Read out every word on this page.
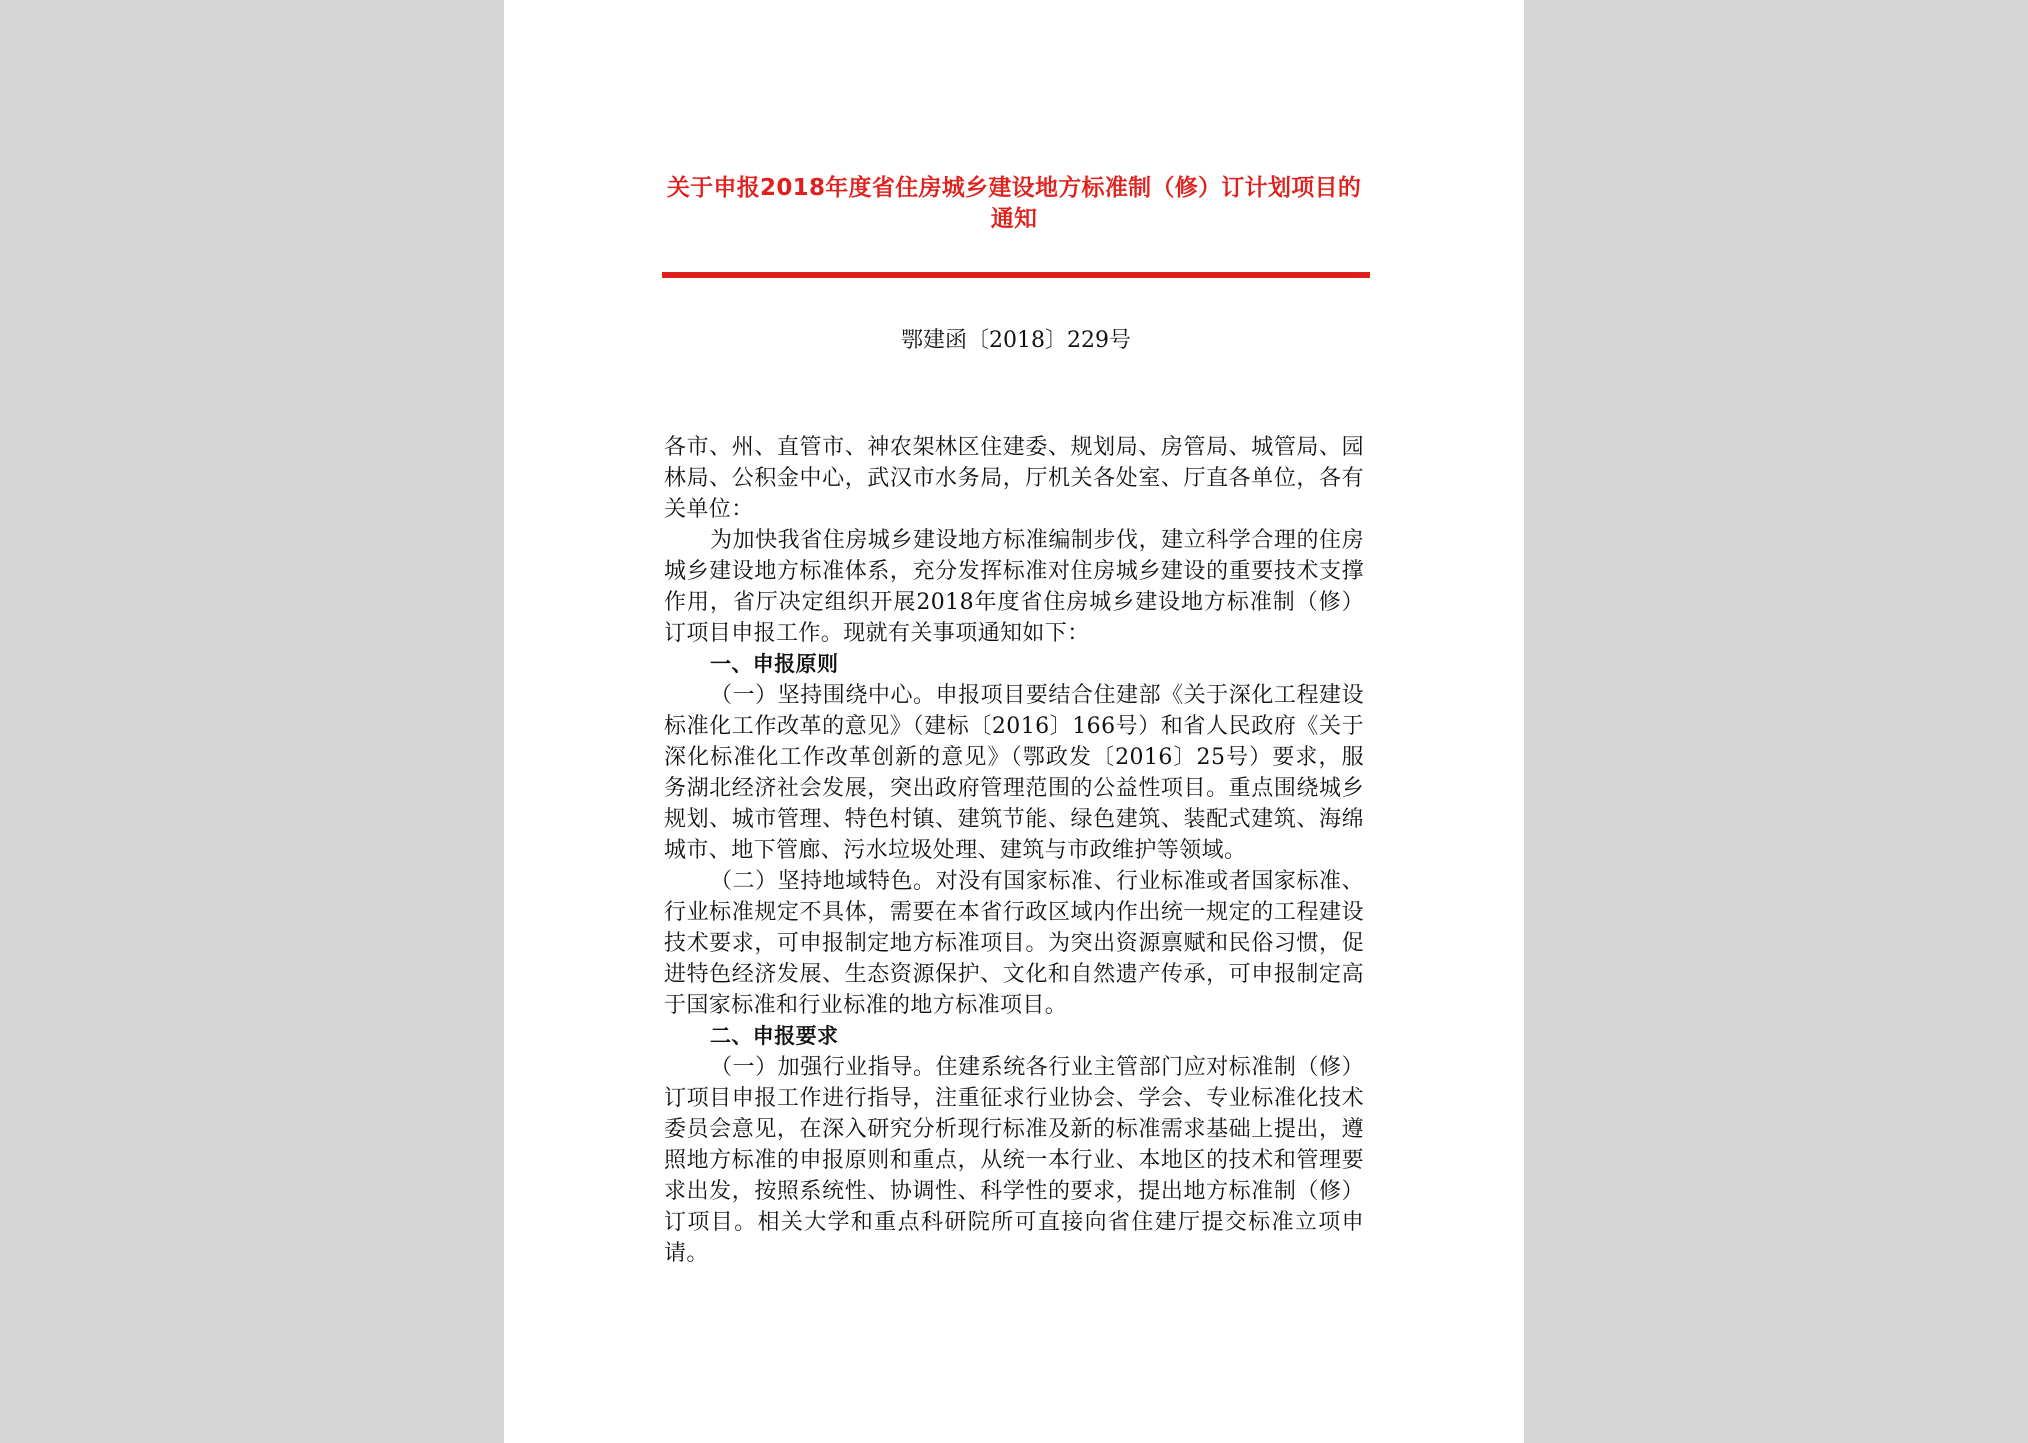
关于申报2018年度省住房城乡建设地方标准制（修）订计划项目的通知
鄂建函〔2018〕229号

各市、州、直管市、神农架林区住建委、规划局、房管局、城管局、园林局、公积金中心，武汉市水务局，厅机关各处室、厅直各单位，各有关单位：

为加快我省住房城乡建设地方标准编制步伐，建立科学合理的住房城乡建设地方标准体系，充分发挥标准对住房城乡建设的重要技术支撑作用，省厅决定组织开展2018年度省住房城乡建设地方标准制（修）订项目申报工作。现就有关事项通知如下：

一、申报原则

（一）坚持围绕中心。申报项目要结合住建部《关于深化工程建设标准化工作改革的意见》（建标〔2016〕166号）和省人民政府《关于深化标准化工作改革创新的意见》（鄂政发〔2016〕25号）要求，服务湖北经济社会发展，突出政府管理范围的公益性项目。重点围绕城乡规划、城市管理、特色村镇、建筑节能、绿色建筑、装配式建筑、海绵城市、地下管廊、污水垃圾处理、建筑与市政维护等领域。

（二）坚持地域特色。对没有国家标准、行业标准或者国家标准、行业标准规定不具体，需要在本省行政区域内作出统一规定的工程建设技术要求，可申报制定地方标准项目。为突出资源禀赋和民俗习惯，促进特色经济发展、生态资源保护、文化和自然遗产传承，可申报制定高于国家标准和行业标准的地方标准项目。

二、申报要求

（一）加强行业指导。住建系统各行业主管部门应对标准制（修）订项目申报工作进行指导，注重征求行业协会、学会、专业标准化技术委员会意见，在深入研究分析现行标准及新的标准需求基础上提出，遵照地方标准的申报原则和重点，从统一本行业、本地区的技术和管理要求出发，按照系统性、协调性、科学性的要求，提出地方标准制（修）订项目。相关大学和重点科研院所可直接向省住建厅提交标准立项申请。
